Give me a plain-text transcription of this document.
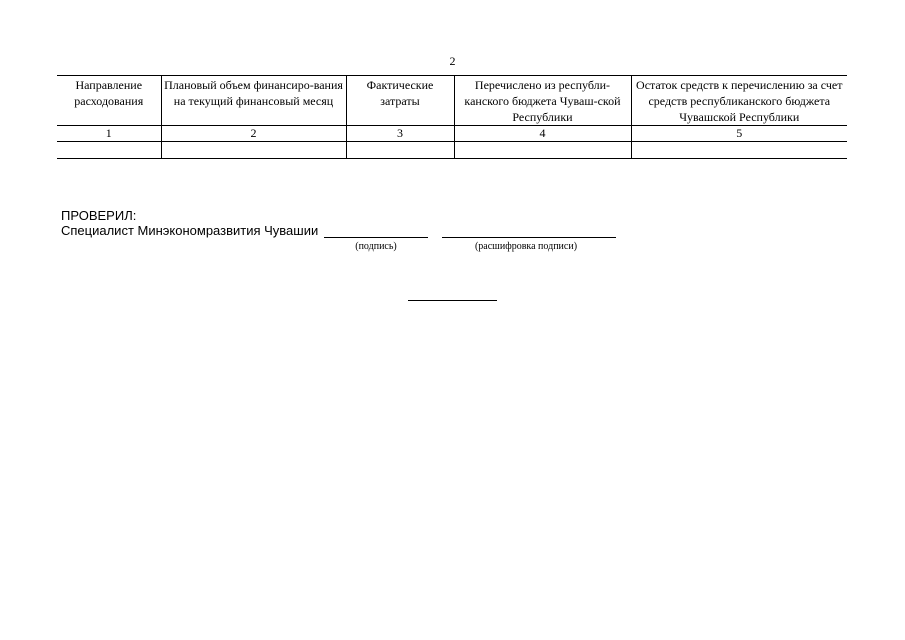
2
Направление расходования	Плановый объем финансиро-вания на текущий финансовый месяц	Фактические затраты	Перечислено из республи-канского бюджета Чуваш-ской Республики	Остаток средств к перечислению за счет средств республиканского бюджета Чувашской Республики
1	2	3	4	5

ПРОВЕРИЛ:
Специалист Минэкономразвития Чувашии
(подпись)	(расшифровка подписи)
